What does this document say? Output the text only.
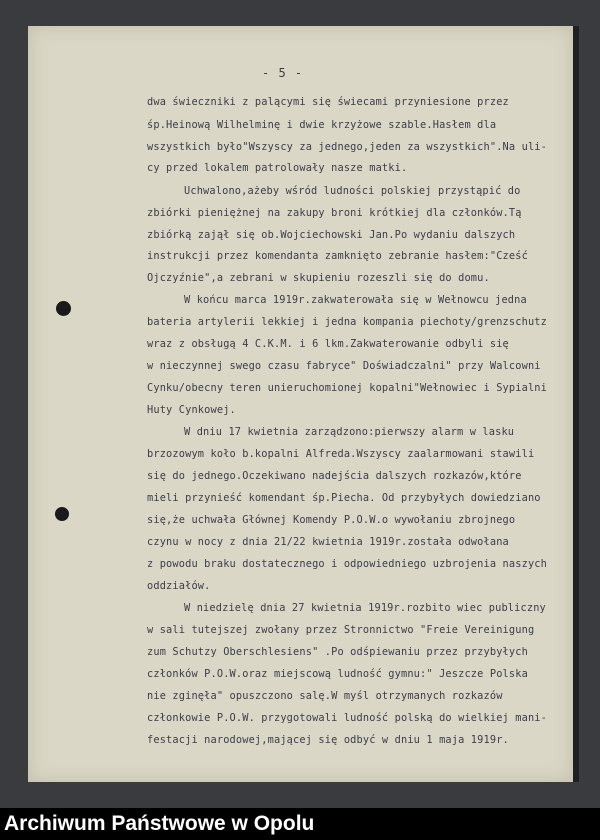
- 5 -
dwa świeczniki z palącymi się świecami przyniesione przez
śp.Heinową Wilhelminę i dwie krzyżowe szable.Hasłem dla
wszystkich było"Wszyscy za jednego,jeden za wszystkich".Na uli-
cy przed lokalem patrolowały nasze matki.
Uchwalono,ażeby wśród ludności polskiej przystąpić do
zbiórki pieniężnej na zakupy broni krótkiej dla członków.Tą
zbiórką zajął się ob.Wojciechowski Jan.Po wydaniu dalszych
instrukcji przez komendanta zamknięto zebranie hasłem:"Cześć
Ojczyźnie",a zebrani w skupieniu rozeszli się do domu.
W końcu marca 1919r.zakwaterowała się w Wełnowcu jedna
bateria artylerii lekkiej i jedna kompania piechoty/grenzschutz
wraz z obsługą 4 C.K.M. i 6 lkm.Zakwaterowanie odbyli się
w nieczynnej swego czasu fabryce" Doświadczalni" przy Walcowni
Cynku/obecny teren unieruchomionej kopalni"Wełnowiec i Sypialni
Huty Cynkowej.
W dniu 17 kwietnia zarządzono:pierwszy alarm w lasku
brzozowym koło b.kopalni Alfreda.Wszyscy zaalarmowani stawili
się do jednego.Oczekiwano nadejścia dalszych rozkazów,które
mieli przynieść komendant śp.Piecha. Od przybyłych dowiedziano
się,że uchwała Głównej Komendy P.O.W.o wywołaniu zbrojnego
czynu w nocy z dnia 21/22 kwietnia 1919r.została odwołana
z powodu braku dostatecznego i odpowiedniego uzbrojenia naszych
oddziałów.
W niedzielę dnia 27 kwietnia 1919r.rozbito wiec publiczny
w sali tutejszej zwołany przez Stronnictwo "Freie Vereinigung
zum Schutzy Oberschlesiens" .Po odśpiewaniu przez przybyłych
członków P.O.W.oraz miejscową ludność gymnu:" Jeszcze Polska
nie zginęła" opuszczono salę.W myśl otrzymanych rozkazów
członkowie P.O.W. przygotowali ludność polską do wielkiej mani-
festacji narodowej,mającej się odbyć w dniu 1 maja 1919r.
Archiwum Państwowe w Opolu
